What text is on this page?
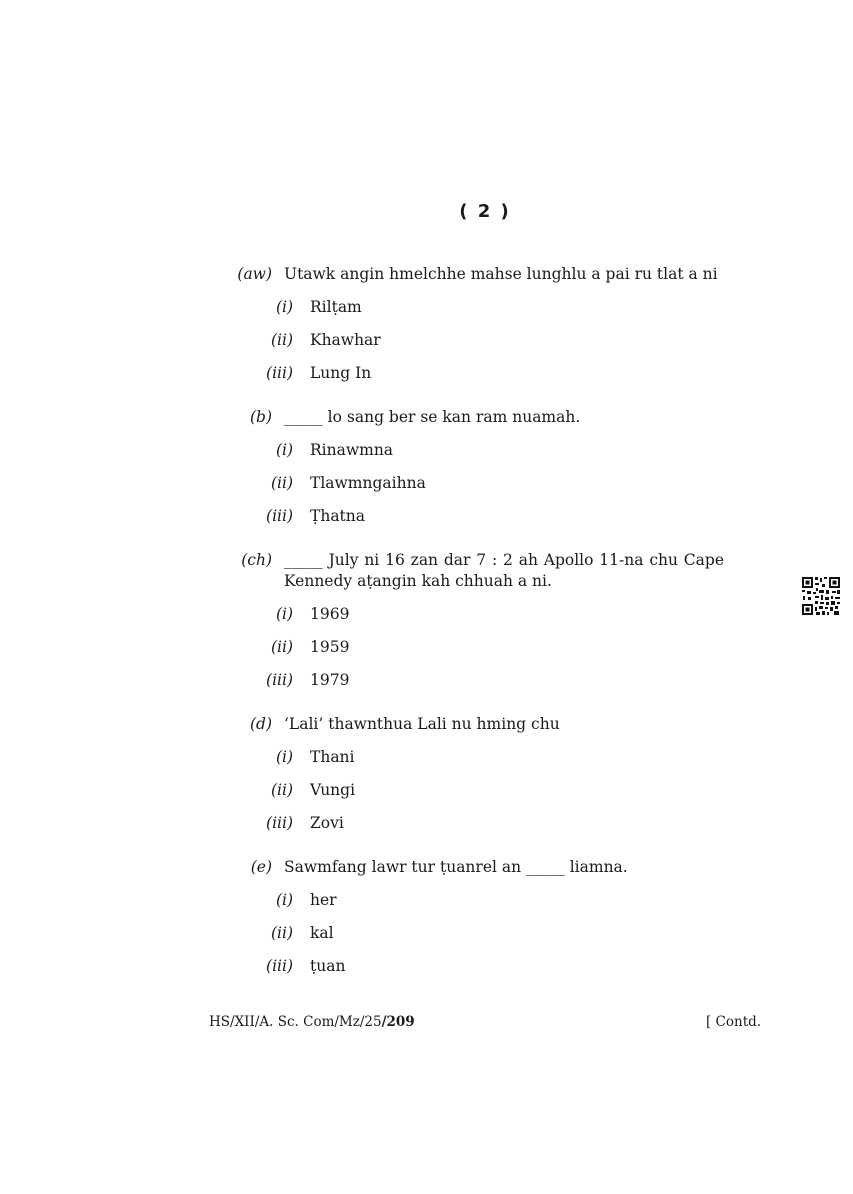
( 2 )
(aw) Utawk angin hmelchhe mahse lunghlu a pai ru tlat a ni
(i)	Rilṭam
(ii)	Khawhar
(iii)	Lung In
(b) _____ lo sang ber se kan ram nuamah.
(i)	Rinawmna
(ii)	Tlawmngaihna
(iii)	Ṭhatna
(ch) _____ July ni 16 zan dar 7 : 2 ah Apollo 11-na chu Cape Kennedy aṭangin kah chhuah a ni.
(i)	1969
(ii)	1959
(iii)	1979
(d) ‘Lali’ thawnthua Lali nu hming chu
(i)	Thani
(ii)	Vungi
(iii)	Zovi
(e) Sawmfang lawr tur ṭuanrel an _____ liamna.
(i)	her
(ii)	kal
(iii)	ṭuan
HS/XII/A. Sc. Com/Mz/25/209	[ Contd.
